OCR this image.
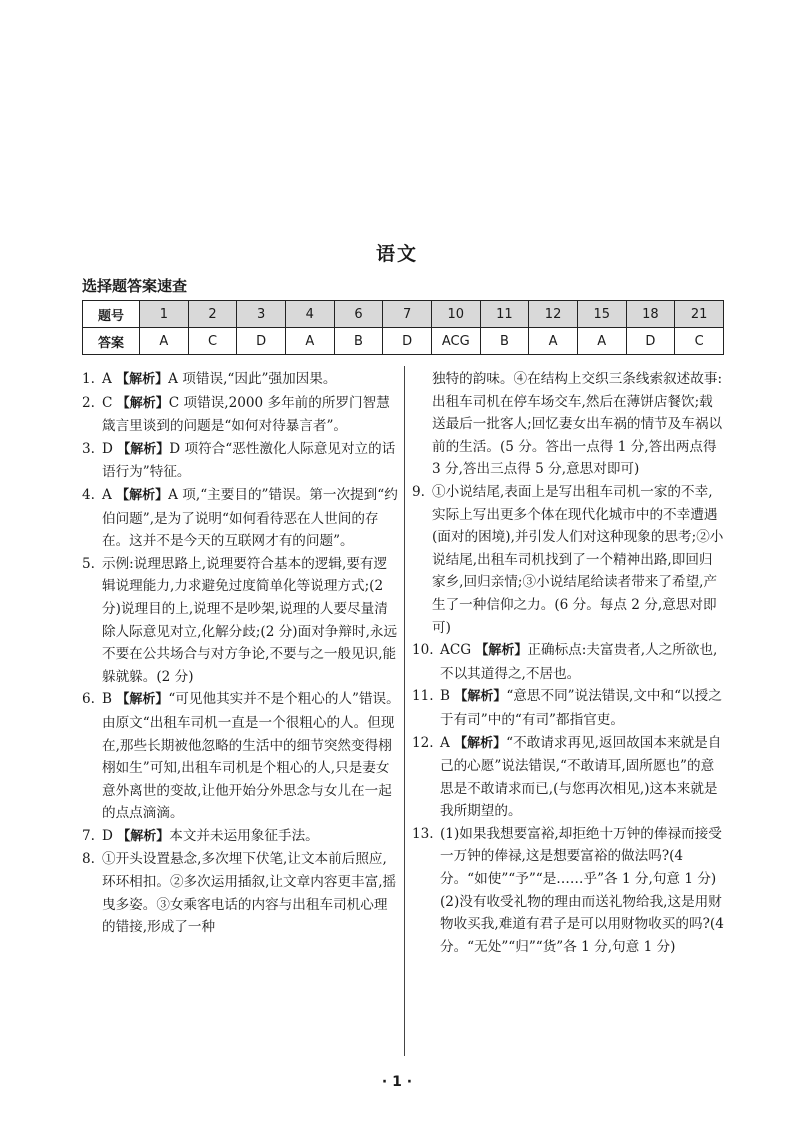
语文
选择题答案速查
题号	1	2	3	4	6	7	10	11	12	15	18	21
答案	A	C	D	A	B	D	ACG	B	A	A	D	C
1. A 【解析】A 项错误,“因此”强加因果。
2. C 【解析】C 项错误,2000 多年前的所罗门智慧箴言里谈到的问题是“如何对待暴言者”。
3. D 【解析】D 项符合“恶性激化人际意见对立的话语行为”特征。
4. A 【解析】A 项,“主要目的”错误。第一次提到“约伯问题”,是为了说明“如何看待恶在人世间的存在。这并不是今天的互联网才有的问题”。
5. 示例:说理思路上,说理要符合基本的逻辑,要有逻辑说理能力,力求避免过度简单化等说理方式;(2 分)说理目的上,说理不是吵架,说理的人要尽量清除人际意见对立,化解分歧;(2 分)面对争辩时,永远不要在公共场合与对方争论,不要与之一般见识,能躲就躲。(2 分)
6. B 【解析】“可见他其实并不是个粗心的人”错误。由原文“出租车司机一直是一个很粗心的人。但现在,那些长期被他忽略的生活中的细节突然变得栩栩如生”可知,出租车司机是个粗心的人,只是妻女意外离世的变故,让他开始分外思念与女儿在一起的点点滴滴。
7. D 【解析】本文并未运用象征手法。
8. ①开头设置悬念,多次埋下伏笔,让文本前后照应,环环相扣。②多次运用插叙,让文章内容更丰富,摇曳多姿。③女乘客电话的内容与出租车司机心理的错接,形成了一种
独特的韵味。④在结构上交织三条线索叙述故事:出租车司机在停车场交车,然后在薄饼店餐饮;载送最后一批客人;回忆妻女出车祸的情节及车祸以前的生活。(5 分。答出一点得 1 分,答出两点得 3 分,答出三点得 5 分,意思对即可)
9. ①小说结尾,表面上是写出租车司机一家的不幸,实际上写出更多个体在现代化城市中的不幸遭遇(面对的困境),并引发人们对这种现象的思考;②小说结尾,出租车司机找到了一个精神出路,即回归家乡,回归亲情;③小说结尾给读者带来了希望,产生了一种信仰之力。(6 分。每点 2 分,意思对即可)
10. ACG 【解析】正确标点:夫富贵者,人之所欲也,不以其道得之,不居也。
11. B 【解析】“意思不同”说法错误,文中和“以授之于有司”中的“有司”都指官吏。
12. A 【解析】“不敢请求再见,返回故国本来就是自己的心愿”说法错误,“不敢请耳,固所愿也”的意思是不敢请求而已,(与您再次相见,)这本来就是我所期望的。
13. (1)如果我想要富裕,却拒绝十万钟的俸禄而接受一万钟的俸禄,这是想要富裕的做法吗?(4 分。“如使”“予”“是……乎”各 1 分,句意 1 分)
(2)没有收受礼物的理由而送礼物给我,这是用财物收买我,难道有君子是可以用财物收买的吗?(4 分。“无处”“归”“货”各 1 分,句意 1 分)
· 1 ·
